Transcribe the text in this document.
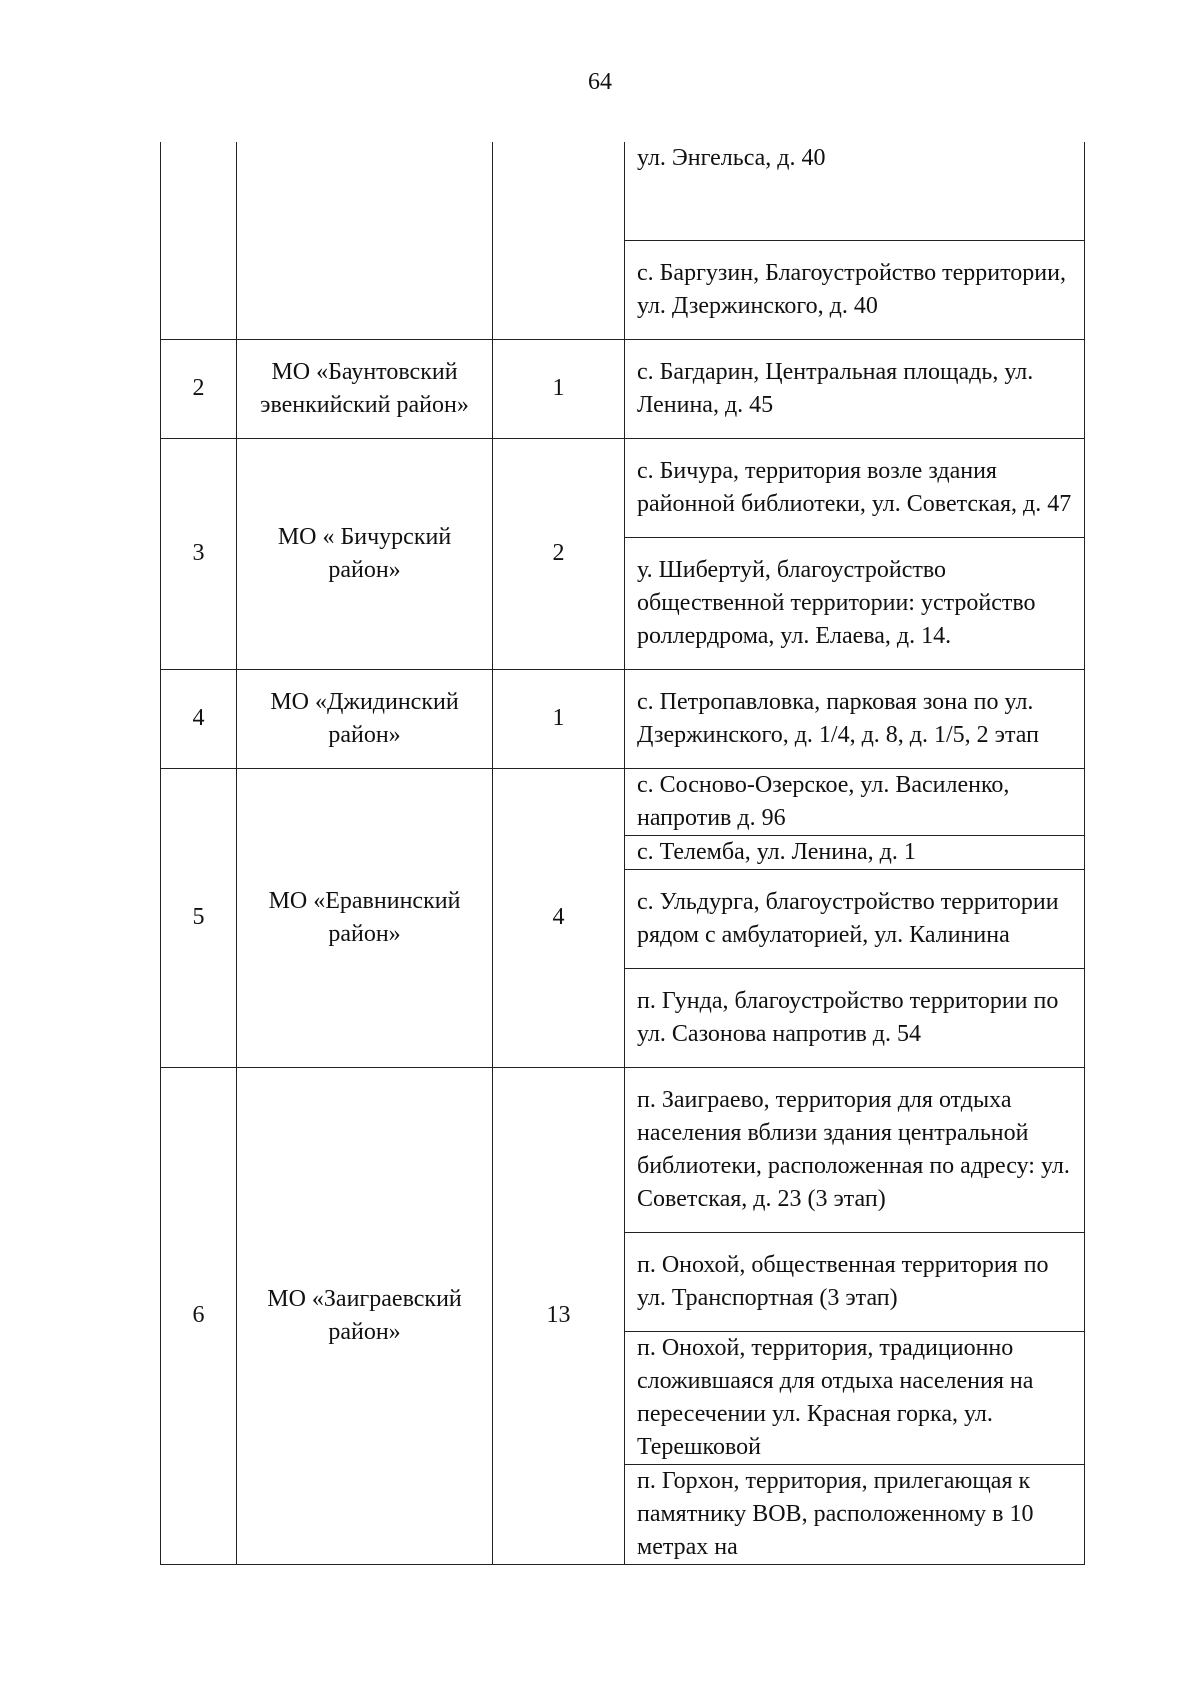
64
			ул. Энгельса, д. 40
			с. Баргузин, Благоустройство территории, ул. Дзержинского, д. 40
2	МО «Баунтовский эвенкийский район»	1	с. Багдарин, Центральная площадь, ул. Ленина, д. 45
3	МО « Бичурский район»	2	с. Бичура, территория возле здания районной библиотеки, ул. Советская, д. 47
			у. Шибертуй, благоустройство общественной территории: устройство роллердрома, ул. Елаева, д. 14.
4	МО «Джидинский район»	1	с. Петропавловка, парковая зона по ул. Дзержинского, д. 1/4, д. 8, д. 1/5, 2 этап
5	МО «Еравнинский район»	4	с. Сосново-Озерское, ул. Василенко, напротив д. 96
			с. Телемба, ул. Ленина, д. 1
			с. Ульдурга, благоустройство территории рядом с амбулаторией, ул. Калинина
			п. Гунда, благоустройство территории по ул. Сазонова напротив д. 54
6	МО «Заиграевский район»	13	п. Заиграево, территория для отдыха населения вблизи здания центральной библиотеки, расположенная по адресу: ул. Советская, д. 23 (3 этап)
			п. Онохой, общественная территория по ул. Транспортная (3 этап)
			п. Онохой, территория, традиционно сложившаяся для отдыха населения на пересечении ул. Красная горка, ул. Терешковой
			п. Горхон, территория, прилегающая к памятнику ВОВ, расположенному в 10 метрах на
